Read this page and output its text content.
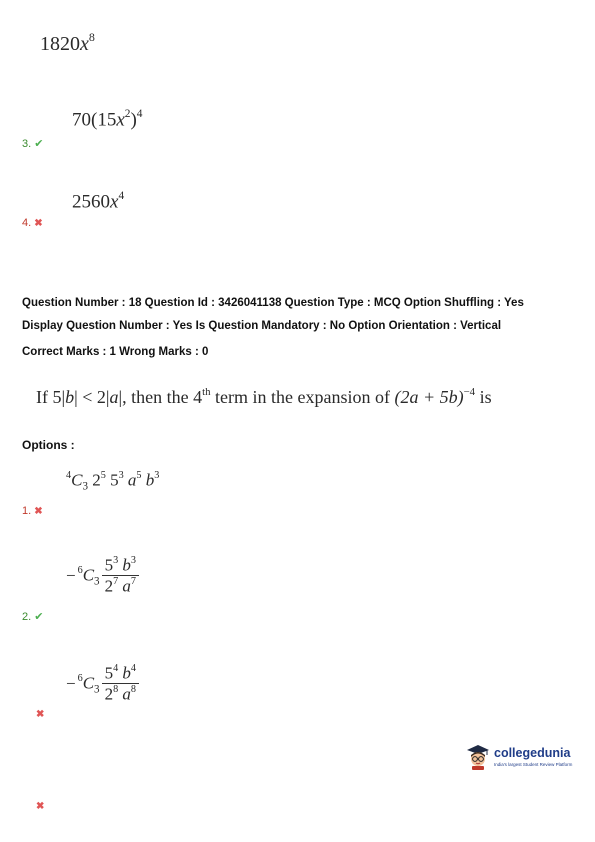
$1820x^8$
$70(15x^2)^4$
3. ✔
$2560x^4$
4. ✖
Question Number : 18 Question Id : 3426041138 Question Type : MCQ Option Shuffling : Yes
Display Question Number : Yes Is Question Mandatory : No Option Orientation : Vertical
Correct Marks : 1 Wrong Marks : 0
If 5|b| < 2|a|, then the 4th term in the expansion of $(2a + 5b)^{-4}$ is
Options :
$^4C_3$ $2^5$ $5^3$ $a^5$ $b^3$
1. ✖
− $^6C_3 \frac{5^3 b^3}{2^7 a^7}$
2. ✔
− $^6C_3 \frac{5^4 b^4}{2^8 a^8}$
✖
✖
collegedunia
India's largest Student Review Platform
